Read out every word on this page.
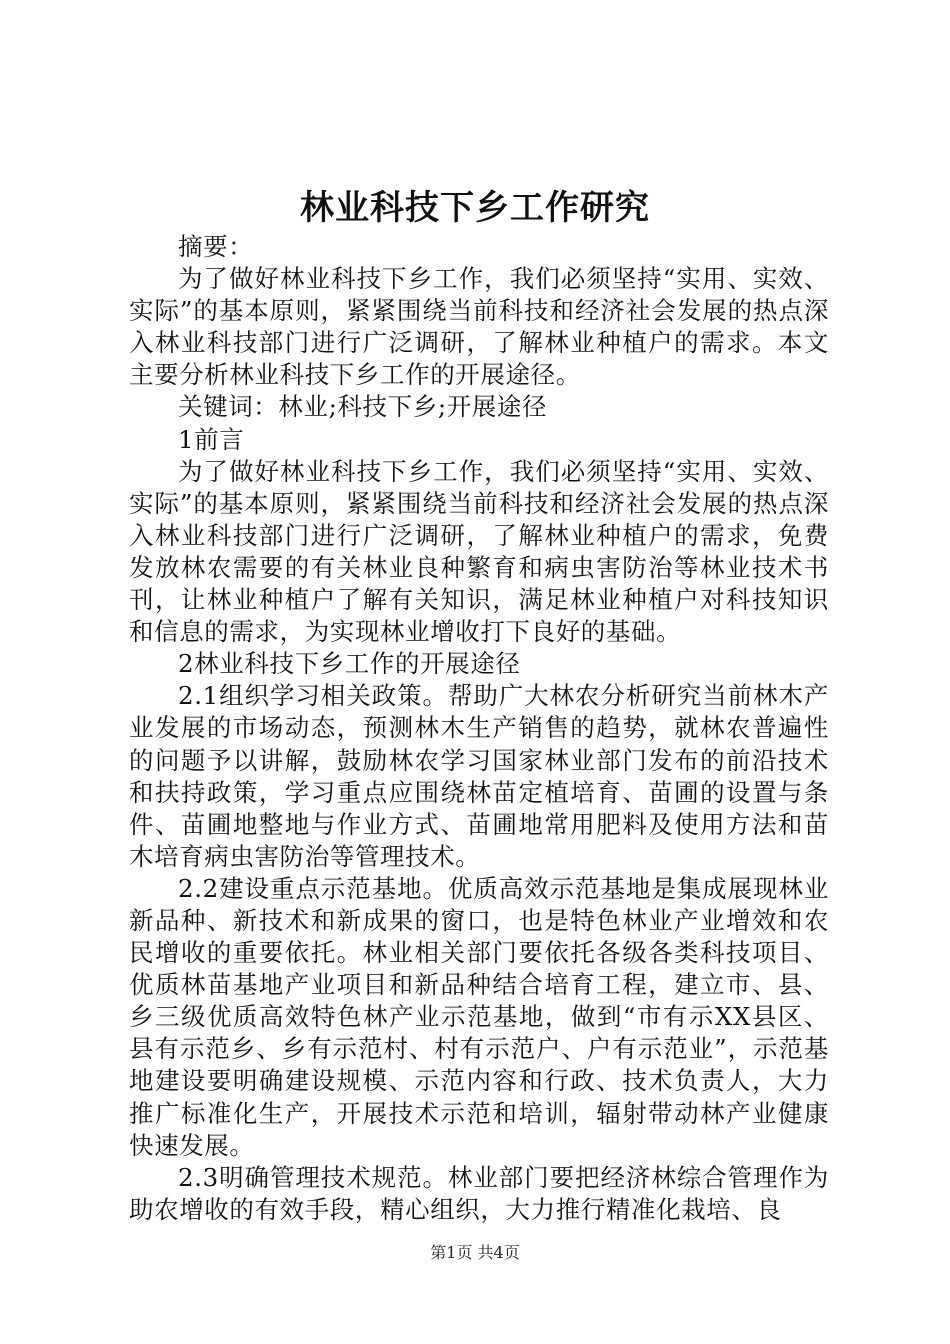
林业科技下乡工作研究

摘要：

为了做好林业科技下乡工作，我们必须坚持“实用、实效、实际”的基本原则，紧紧围绕当前科技和经济社会发展的热点深入林业科技部门进行广泛调研，了解林业种植户的需求。本文主要分析林业科技下乡工作的开展途径。

关键词：林业;科技下乡;开展途径

1前言

为了做好林业科技下乡工作，我们必须坚持“实用、实效、实际”的基本原则，紧紧围绕当前科技和经济社会发展的热点深入林业科技部门进行广泛调研，了解林业种植户的需求，免费发放林农需要的有关林业良种繁育和病虫害防治等林业技术书刊，让林业种植户了解有关知识，满足林业种植户对科技知识和信息的需求，为实现林业增收打下良好的基础。

2林业科技下乡工作的开展途径

2.1组织学习相关政策。帮助广大林农分析研究当前林木产业发展的市场动态，预测林木生产销售的趋势，就林农普遍性的问题予以讲解，鼓励林农学习国家林业部门发布的前沿技术和扶持政策，学习重点应围绕林苗定植培育、苗圃的设置与条件、苗圃地整地与作业方式、苗圃地常用肥料及使用方法和苗木培育病虫害防治等管理技术。

2.2建设重点示范基地。优质高效示范基地是集成展现林业新品种、新技术和新成果的窗口，也是特色林业产业增效和农民增收的重要依托。林业相关部门要依托各级各类科技项目、优质林苗基地产业项目和新品种结合培育工程，建立市、县、乡三级优质高效特色林产业示范基地，做到“市有示XX县区、县有示范乡、乡有示范村、村有示范户、户有示范业”，示范基地建设要明确建设规模、示范内容和行政、技术负责人，大力推广标准化生产，开展技术示范和培训，辐射带动林产业健康快速发展。

2.3明确管理技术规范。林业部门要把经济林综合管理作为助农增收的有效手段，精心组织，大力推行精准化栽培、良

第1页 共4页
